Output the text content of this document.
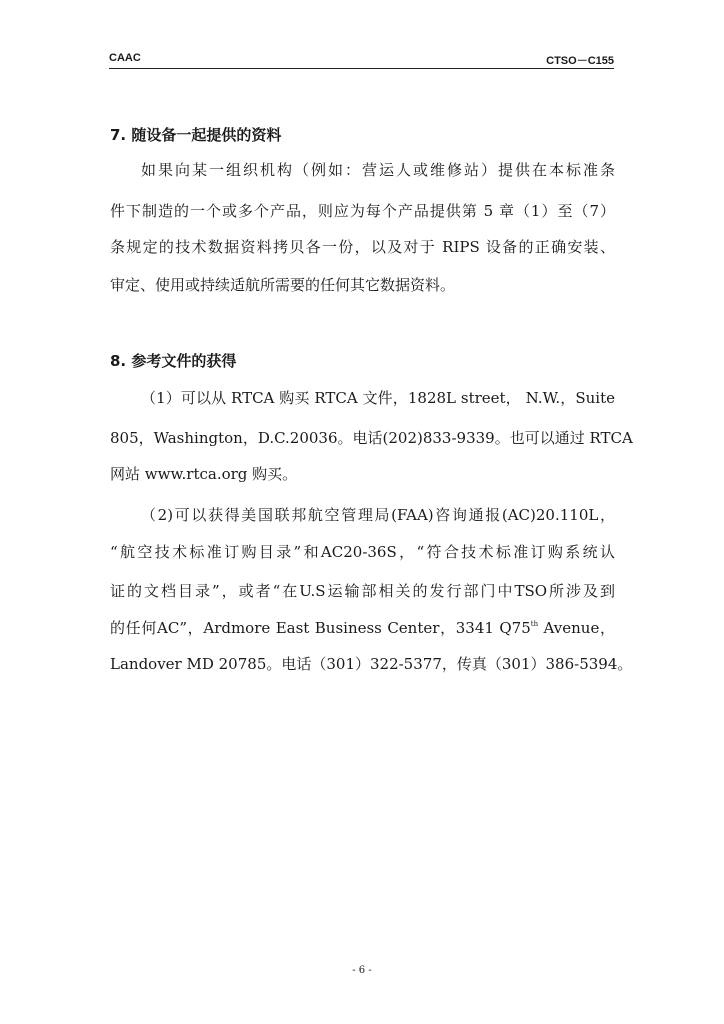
CAAC	CTSO－C155
7. 随设备一起提供的资料
如果向某一组织机构（例如：营运人或维修站）提供在本标准条
件下制造的一个或多个产品，则应为每个产品提供第 5 章（1）至（7）
条规定的技术数据资料拷贝各一份，以及对于 RIPS 设备的正确安装、
审定、使用或持续适航所需要的任何其它数据资料。
8. 参考文件的获得
（1）可以从 RTCA 购买 RTCA 文件，1828L street， N.W.，Suite
805，Washington，D.C.20036。电话(202)833-9339。也可以通过 RTCA
网站 www.rtca.org 购买。
（2)可以获得美国联邦航空管理局(FAA)咨询通报(AC)20.110L，
“航空技术标准订购目录”和AC20-36S，“符合技术标准订购系统认
证的文档目录”，或者“在U.S运输部相关的发行部门中TSO所涉及到
的任何AC”，Ardmore East Business Center，3341 Q75th Avenue，
Landover MD 20785。电话（301）322-5377，传真（301）386-5394。
- 6 -
